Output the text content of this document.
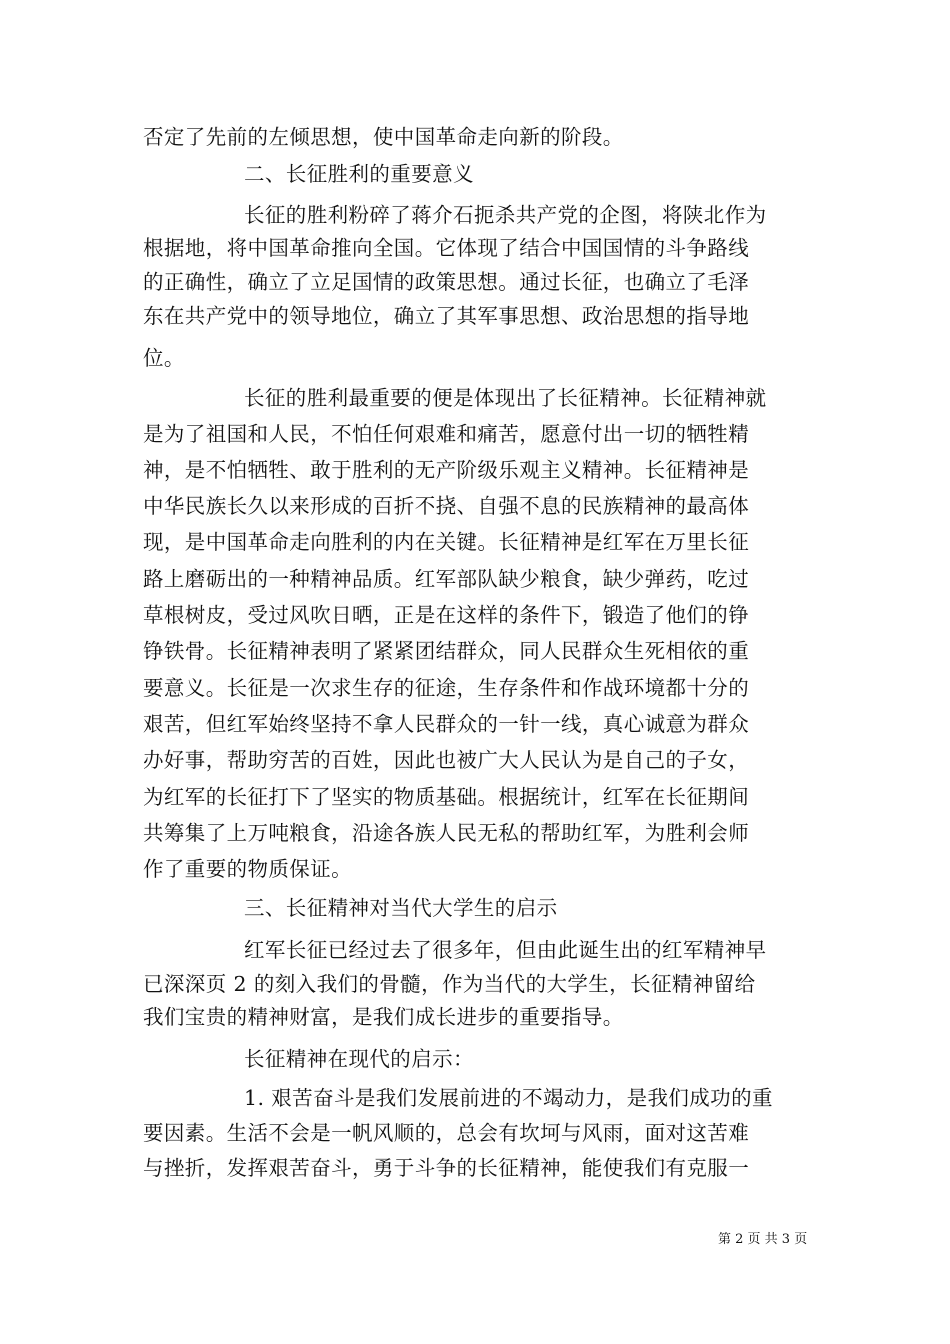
否定了先前的左倾思想，使中国革命走向新的阶段。
二、长征胜利的重要意义
长征的胜利粉碎了蒋介石扼杀共产党的企图，将陕北作为
根据地，将中国革命推向全国。它体现了结合中国国情的斗争路线
的正确性，确立了立足国情的政策思想。通过长征，也确立了毛泽
东在共产党中的领导地位，确立了其军事思想、政治思想的指导地
位。
长征的胜利最重要的便是体现出了长征精神。长征精神就
是为了祖国和人民，不怕任何艰难和痛苦，愿意付出一切的牺牲精
神，是不怕牺牲、敢于胜利的无产阶级乐观主义精神。长征精神是
中华民族长久以来形成的百折不挠、自强不息的民族精神的最高体
现，是中国革命走向胜利的内在关键。长征精神是红军在万里长征
路上磨砺出的一种精神品质。红军部队缺少粮食，缺少弹药，吃过
草根树皮，受过风吹日晒，正是在这样的条件下，锻造了他们的铮
铮铁骨。长征精神表明了紧紧团结群众，同人民群众生死相依的重
要意义。长征是一次求生存的征途，生存条件和作战环境都十分的
艰苦，但红军始终坚持不拿人民群众的一针一线，真心诚意为群众
办好事，帮助穷苦的百姓，因此也被广大人民认为是自己的子女，
为红军的长征打下了坚实的物质基础。根据统计，红军在长征期间
共筹集了上万吨粮食，沿途各族人民无私的帮助红军，为胜利会师
作了重要的物质保证。
三、长征精神对当代大学生的启示
红军长征已经过去了很多年，但由此诞生出的红军精神早
已深深页 2 的刻入我们的骨髓，作为当代的大学生，长征精神留给
我们宝贵的精神财富，是我们成长进步的重要指导。
长征精神在现代的启示：
1. 艰苦奋斗是我们发展前进的不竭动力，是我们成功的重
要因素。生活不会是一帆风顺的，总会有坎坷与风雨，面对这苦难
与挫折，发挥艰苦奋斗，勇于斗争的长征精神，能使我们有克服一
第 2 页 共 3 页
